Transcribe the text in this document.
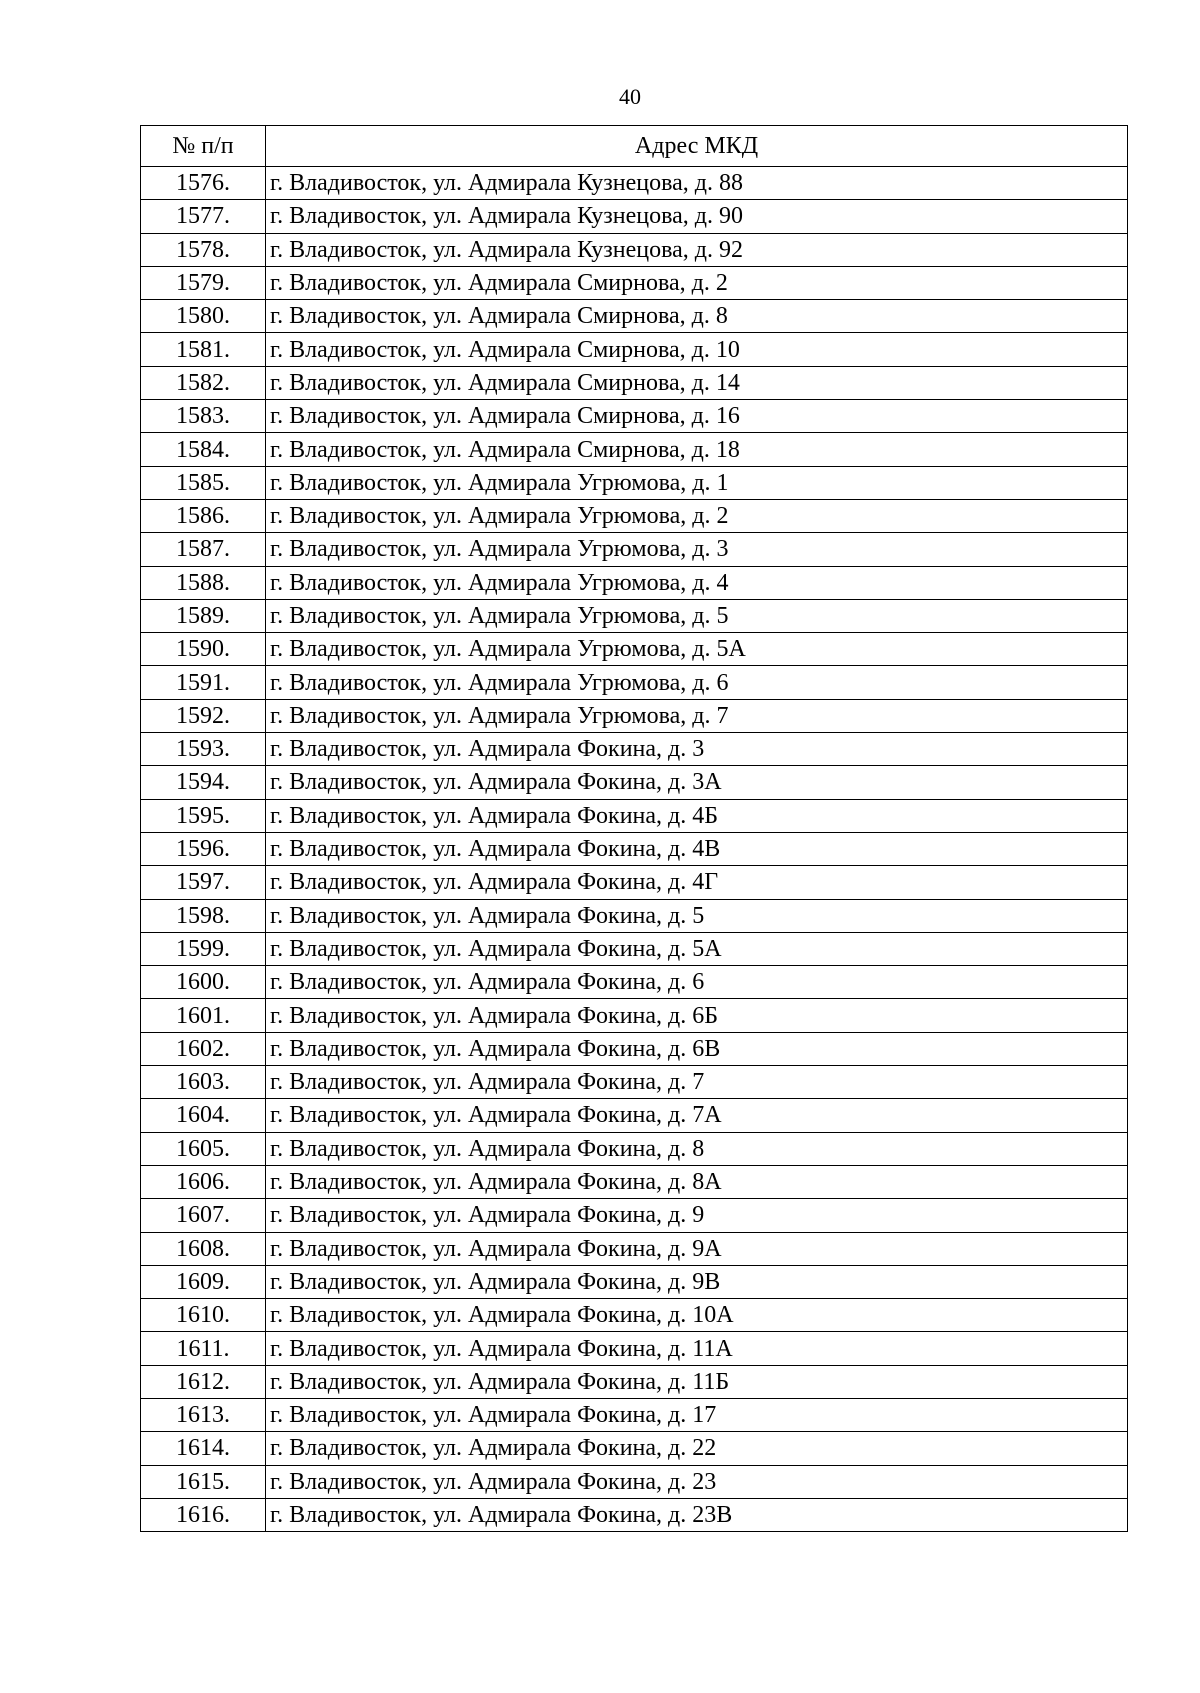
40
№ п/п	Адрес МКД
1576.	г. Владивосток, ул. Адмирала Кузнецова, д. 88
1577.	г. Владивосток, ул. Адмирала Кузнецова, д. 90
1578.	г. Владивосток, ул. Адмирала Кузнецова, д. 92
1579.	г. Владивосток, ул. Адмирала Смирнова, д. 2
1580.	г. Владивосток, ул. Адмирала Смирнова, д. 8
1581.	г. Владивосток, ул. Адмирала Смирнова, д. 10
1582.	г. Владивосток, ул. Адмирала Смирнова, д. 14
1583.	г. Владивосток, ул. Адмирала Смирнова, д. 16
1584.	г. Владивосток, ул. Адмирала Смирнова, д. 18
1585.	г. Владивосток, ул. Адмирала Угрюмова, д. 1
1586.	г. Владивосток, ул. Адмирала Угрюмова, д. 2
1587.	г. Владивосток, ул. Адмирала Угрюмова, д. 3
1588.	г. Владивосток, ул. Адмирала Угрюмова, д. 4
1589.	г. Владивосток, ул. Адмирала Угрюмова, д. 5
1590.	г. Владивосток, ул. Адмирала Угрюмова, д. 5А
1591.	г. Владивосток, ул. Адмирала Угрюмова, д. 6
1592.	г. Владивосток, ул. Адмирала Угрюмова, д. 7
1593.	г. Владивосток, ул. Адмирала Фокина, д. 3
1594.	г. Владивосток, ул. Адмирала Фокина, д. 3А
1595.	г. Владивосток, ул. Адмирала Фокина, д. 4Б
1596.	г. Владивосток, ул. Адмирала Фокина, д. 4В
1597.	г. Владивосток, ул. Адмирала Фокина, д. 4Г
1598.	г. Владивосток, ул. Адмирала Фокина, д. 5
1599.	г. Владивосток, ул. Адмирала Фокина, д. 5А
1600.	г. Владивосток, ул. Адмирала Фокина, д. 6
1601.	г. Владивосток, ул. Адмирала Фокина, д. 6Б
1602.	г. Владивосток, ул. Адмирала Фокина, д. 6В
1603.	г. Владивосток, ул. Адмирала Фокина, д. 7
1604.	г. Владивосток, ул. Адмирала Фокина, д. 7А
1605.	г. Владивосток, ул. Адмирала Фокина, д. 8
1606.	г. Владивосток, ул. Адмирала Фокина, д. 8А
1607.	г. Владивосток, ул. Адмирала Фокина, д. 9
1608.	г. Владивосток, ул. Адмирала Фокина, д. 9А
1609.	г. Владивосток, ул. Адмирала Фокина, д. 9В
1610.	г. Владивосток, ул. Адмирала Фокина, д. 10А
1611.	г. Владивосток, ул. Адмирала Фокина, д. 11А
1612.	г. Владивосток, ул. Адмирала Фокина, д. 11Б
1613.	г. Владивосток, ул. Адмирала Фокина, д. 17
1614.	г. Владивосток, ул. Адмирала Фокина, д. 22
1615.	г. Владивосток, ул. Адмирала Фокина, д. 23
1616.	г. Владивосток, ул. Адмирала Фокина, д. 23В
